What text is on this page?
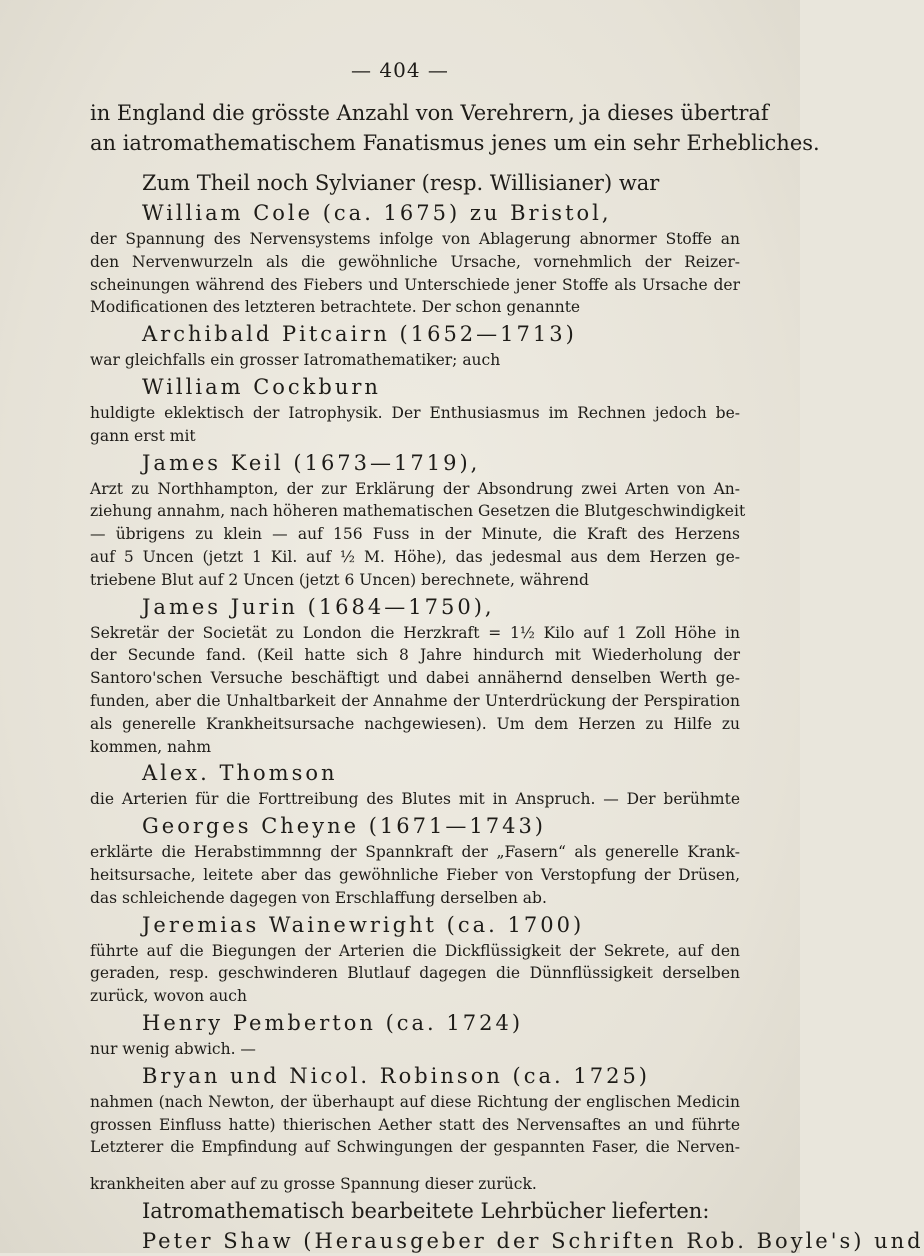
— 404 —
in England die grösste Anzahl von Verehrern, ja dieses übertraf
an iatromathematischem Fanatismus jenes um ein sehr Erhebliches.
Zum Theil noch Sylvianer (resp. Willisianer) war
William Cole (ca. 1675) zu Bristol,
der Spannung des Nervensystems infolge von Ablagerung abnormer Stoffe an
den Nervenwurzeln als die gewöhnliche Ursache, vornehmlich der Reizer-
scheinungen während des Fiebers und Unterschiede jener Stoffe als Ursache der
Modificationen des letzteren betrachtete. Der schon genannte
Archibald Pitcairn (1652—1713)
war gleichfalls ein grosser Iatromathematiker; auch
William Cockburn
huldigte eklektisch der Iatrophysik. Der Enthusiasmus im Rechnen jedoch be-
gann erst mit
James Keil (1673—1719),
Arzt zu Northhampton, der zur Erklärung der Absondrung zwei Arten von An-
ziehung annahm, nach höheren mathematischen Gesetzen die Blutgeschwindigkeit
— übrigens zu klein — auf 156 Fuss in der Minute, die Kraft des Herzens
auf 5 Uncen (jetzt 1 Kil. auf ½ M. Höhe), das jedesmal aus dem Herzen ge-
triebene Blut auf 2 Uncen (jetzt 6 Uncen) berechnete, während
James Jurin (1684—1750),
Sekretär der Societät zu London die Herzkraft = 1½ Kilo auf 1 Zoll Höhe in
der Secunde fand. (Keil hatte sich 8 Jahre hindurch mit Wiederholung der
Santoro'schen Versuche beschäftigt und dabei annähernd denselben Werth ge-
funden, aber die Unhaltbarkeit der Annahme der Unterdrückung der Perspiration
als generelle Krankheitsursache nachgewiesen). Um dem Herzen zu Hilfe zu
kommen, nahm
Alex. Thomson
die Arterien für die Forttreibung des Blutes mit in Anspruch. — Der berühmte
Georges Cheyne (1671—1743)
erklärte die Herabstimmnng der Spannkraft der „Fasern“ als generelle Krank-
heitsursache, leitete aber das gewöhnliche Fieber von Verstopfung der Drüsen,
das schleichende dagegen von Erschlaffung derselben ab.
Jeremias Wainewright (ca. 1700)
führte auf die Biegungen der Arterien die Dickflüssigkeit der Sekrete, auf den
geraden, resp. geschwinderen Blutlauf dagegen die Dünnflüssigkeit derselben
zurück, wovon auch
Henry Pemberton (ca. 1724)
nur wenig abwich. —
Bryan und Nicol. Robinson (ca. 1725)
nahmen (nach Newton, der überhaupt auf diese Richtung der englischen Medicin
grossen Einfluss hatte) thierischen Aether statt des Nervensaftes an und führte
Letzterer die Empfindung auf Schwingungen der gespannten Faser, die Nerven-
krankheiten aber auf zu grosse Spannung dieser zurück.
Iatromathematisch bearbeitete Lehrbücher lieferten:
Peter Shaw (Herausgeber der Schriften Rob. Boyle's) und
